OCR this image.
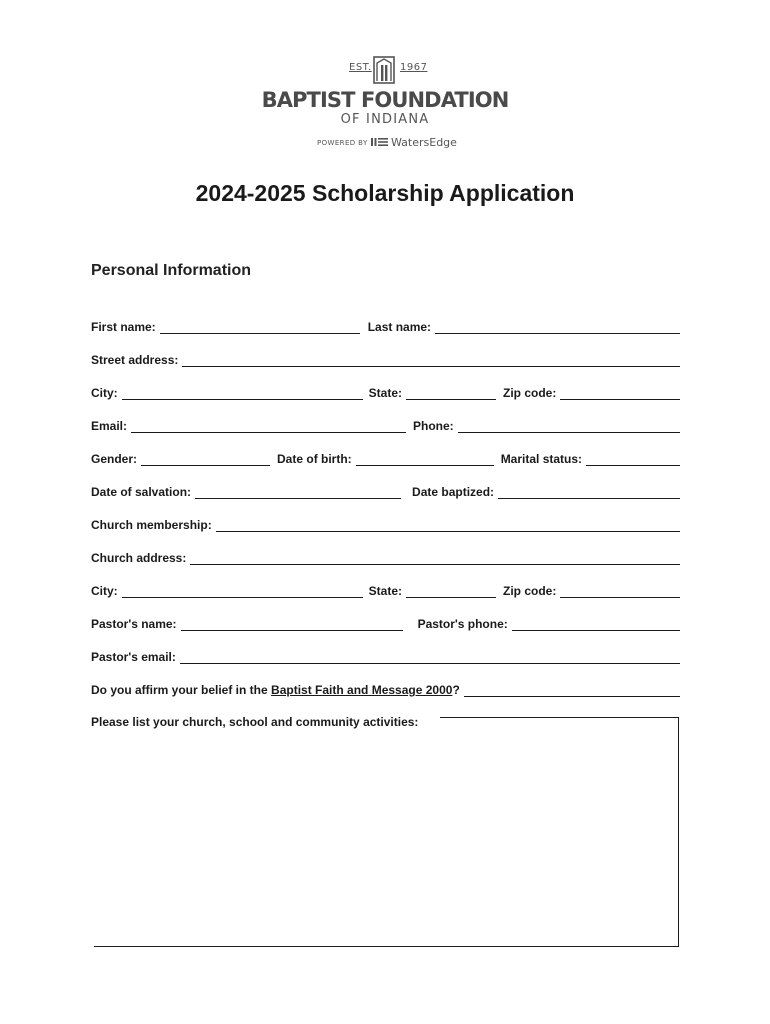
EST.	1967
BAPTIST FOUNDATION
OF INDIANA
POWERED BY WatersEdge
2024-2025 Scholarship Application
Personal Information
First name:	Last name:
Street address:
City:	State:	Zip code:
Email:	Phone:
Gender:	Date of birth:	Marital status:
Date of salvation:	Date baptized:
Church membership:
Church address:
City:	State:	Zip code:
Pastor's name:	Pastor's phone:
Pastor's email:
Do you affirm your belief in the Baptist Faith and Message 2000?
Please list your church, school and community activities:
